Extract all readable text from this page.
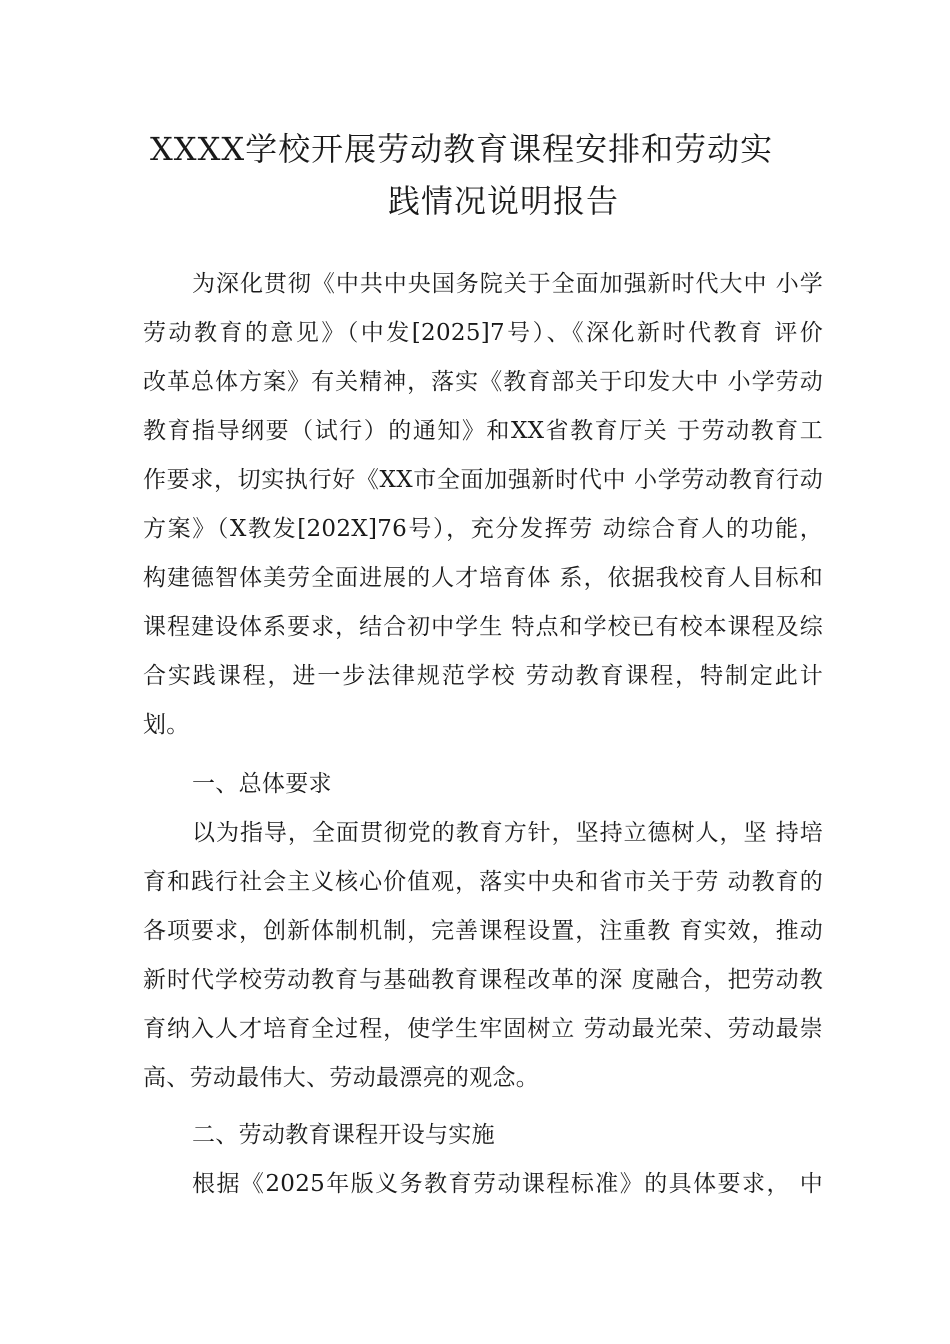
XXXX学校开展劳动教育课程安排和劳动实
践情况说明报告
为深化贯彻《中共中央国务院关于全面加强新时代大中 小学
劳动教育的意见》（中发[2025]7号）、《深化新时代教育 评价
改革总体方案》有关精神，落实《教育部关于印发大中 小学劳动
教育指导纲要（试行）的通知》和XX省教育厅关 于劳动教育工
作要求，切实执行好《XX市全面加强新时代中 小学劳动教育行动
方案》（X教发[202X]76号），充分发挥劳 动综合育人的功能，
构建德智体美劳全面进展的人才培育体 系，依据我校育人目标和
课程建设体系要求，结合初中学生 特点和学校已有校本课程及综
合实践课程，进一步法律规范学校 劳动教育课程，特制定此计
划。
一、总体要求
以为指导，全面贯彻党的教育方针，坚持立德树人，坚 持培
育和践行社会主义核心价值观，落实中央和省市关于劳 动教育的
各项要求，创新体制机制，完善课程设置，注重教 育实效，推动
新时代学校劳动教育与基础教育课程改革的深 度融合，把劳动教
育纳入人才培育全过程，使学生牢固树立 劳动最光荣、劳动最崇
高、劳动最伟大、劳动最漂亮的观念。
二、劳动教育课程开设与实施
根据《2025年版义务教育劳动课程标准》的具体要求， 中
